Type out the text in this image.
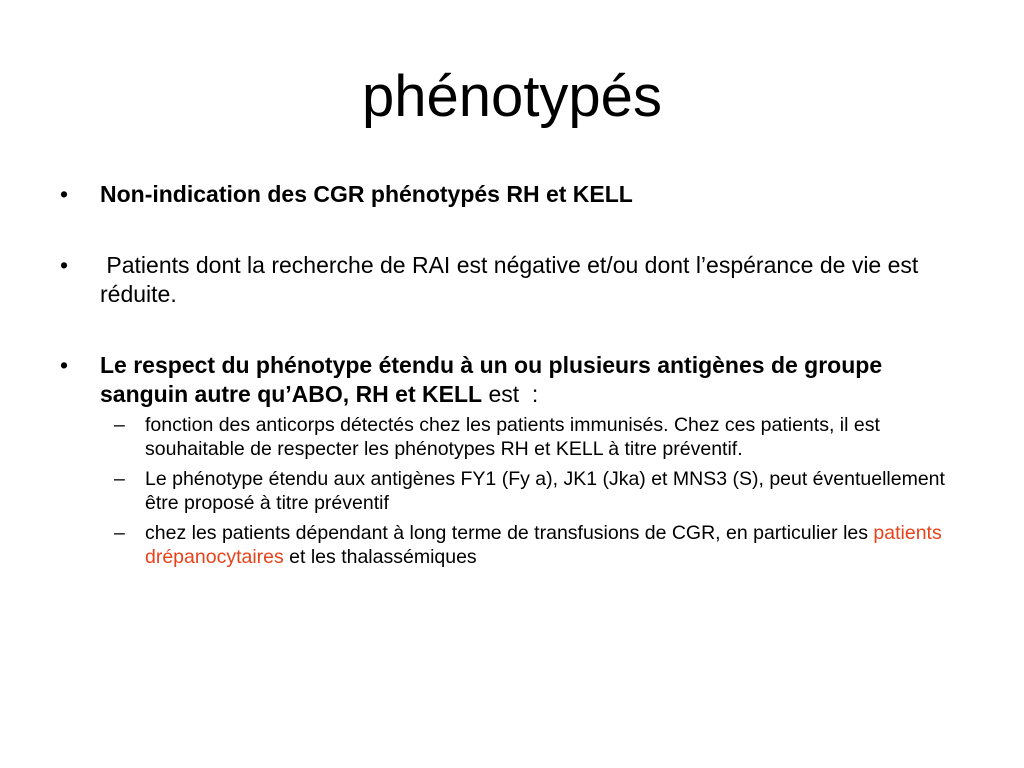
phénotypés
• Non-indication des CGR phénotypés RH et KELL
• Patients dont la recherche de RAI est négative et/ou dont l’espérance de vie est réduite.
• Le respect du phénotype étendu à un ou plusieurs antigènes de groupe sanguin autre qu’ABO, RH et KELL est  :
– fonction des anticorps détectés chez les patients immunisés. Chez ces patients, il est souhaitable de respecter les phénotypes RH et KELL à titre préventif.
– Le phénotype étendu aux antigènes FY1 (Fy a), JK1 (Jka) et MNS3 (S), peut éventuellement être proposé à titre préventif
– chez les patients dépendant à long terme de transfusions de CGR, en particulier les patients drépanocytaires et les thalassémiques
